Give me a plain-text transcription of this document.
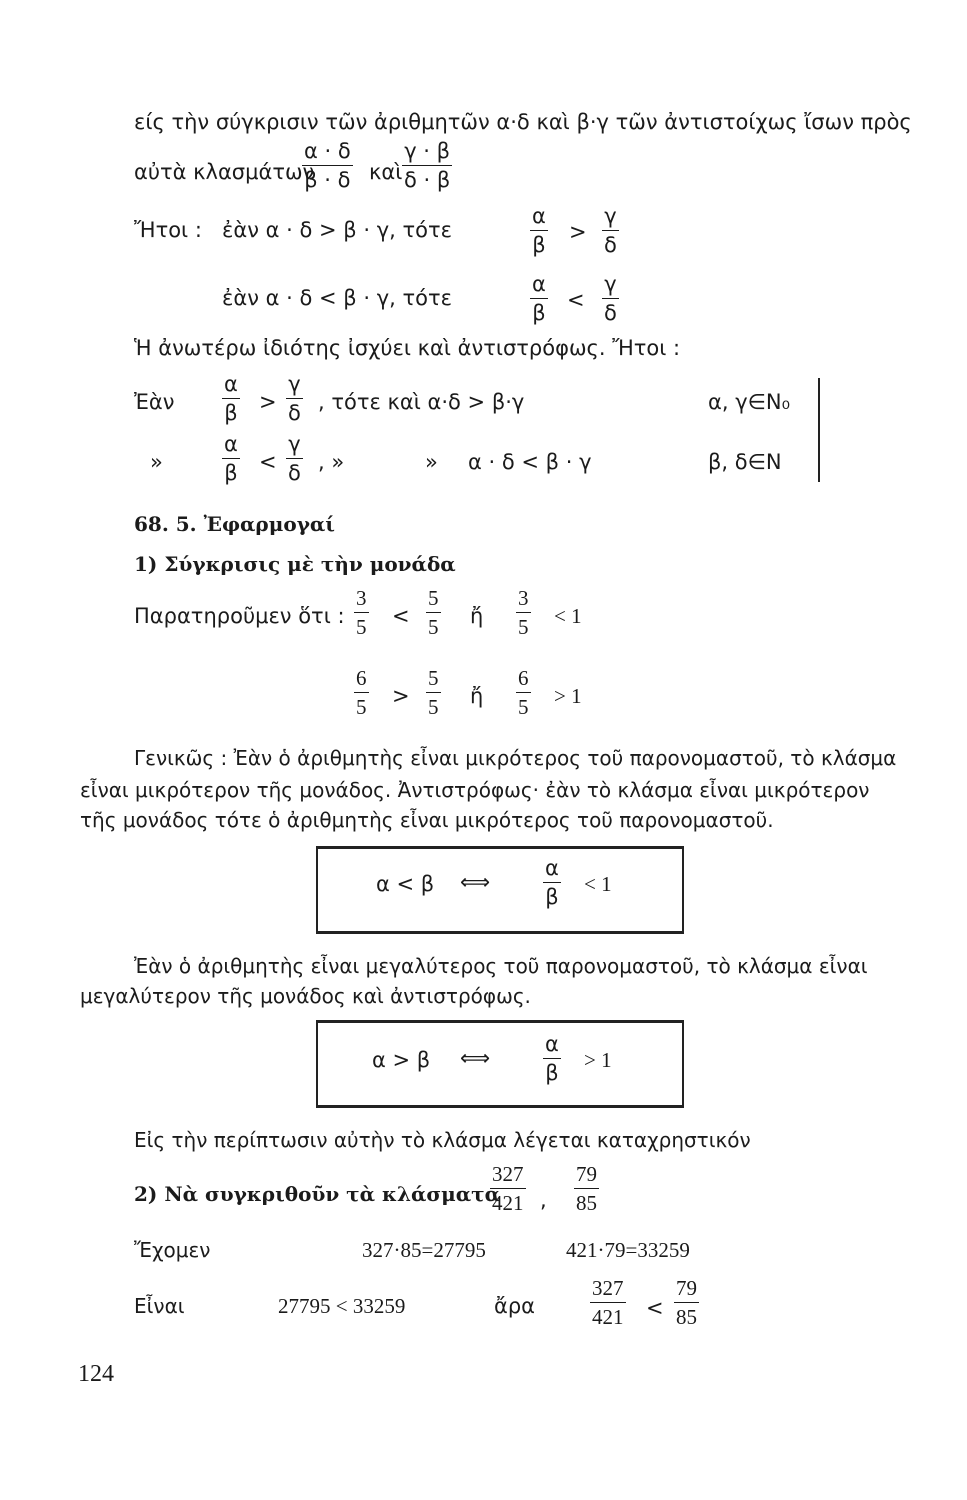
είς τὴν σύγκρισιν τῶν ἀριθμητῶν α·δ καὶ β·γ τῶν ἀντιστοίχως ἴσων πρὸς
αὐτὰ κλασμάτων
$\frac{\alpha \cdot \delta}{\beta \cdot \delta}$ καὶ $\frac{\gamma \cdot \beta}{\delta \cdot \beta}$
Ἤτοι : ἐὰν α · δ > β · γ, τότε	$\frac{\alpha}{\beta} > \frac{\gamma}{\delta}$
ἐὰν α · δ < β · γ, τότε	$\frac{\alpha}{\beta} < \frac{\gamma}{\delta}$
Ἡ ἀνωτέρω ἰδιότης ἰσχύει καὶ ἀντιστρόφως. Ἤτοι :
Ἐὰν $\frac{\alpha}{\beta} > \frac{\gamma}{\delta}$ , τότε καὶ α·δ > β·γ	α, γ∈N₀
»	$\frac{\alpha}{\beta} < \frac{\gamma}{\delta}$ , »	» α · δ < β · γ	β, δ∈N
68. 5. Ἐφαρμογαί
1) Σύγκρισις μὲ τὴν μονάδα
Παρατηροῦμεν ὅτι : $\frac{3}{5} < \frac{5}{5}$ ἤ $\frac{3}{5} < 1$
$\frac{6}{5} > \frac{5}{5}$ ἤ $\frac{6}{5} > 1$
Γενικῶς : Ἐὰν ὁ ἀριθμητὴς εἶναι μικρότερος τοῦ παρονομαστοῦ, τὸ κλάσμα
εἶναι μικρότερον τῆς μονάδος. Ἀντιστρόφως· ἐὰν τὸ κλάσμα εἶναι μικρότερον
τῆς μονάδος τότε ὁ ἀριθμητὴς εἶναι μικρότερος τοῦ παρονομαστοῦ.
α < β ⟺	$\frac{\alpha}{\beta} < 1$
Ἐὰν ὁ ἀριθμητὴς εἶναι μεγαλύτερος τοῦ παρονομαστοῦ, τὸ κλάσμα εἶναι
μεγαλύτερον τῆς μονάδος καὶ ἀντιστρόφως.
α > β ⟺	$\frac{\alpha}{\beta} > 1$
Εἰς τὴν περίπτωσιν αὐτὴν τὸ κλάσμα λέγεται καταχρηστικόν
2) Νὰ συγκριθοῦν τὰ κλάσματα
$\frac{327}{421}$ , $\frac{79}{85}$
Ἔχομεν	327·85=27795	421·79=33259
Εἶναι	27795 < 33259	ἄρα	$\frac{327}{421} < \frac{79}{85}$
124
